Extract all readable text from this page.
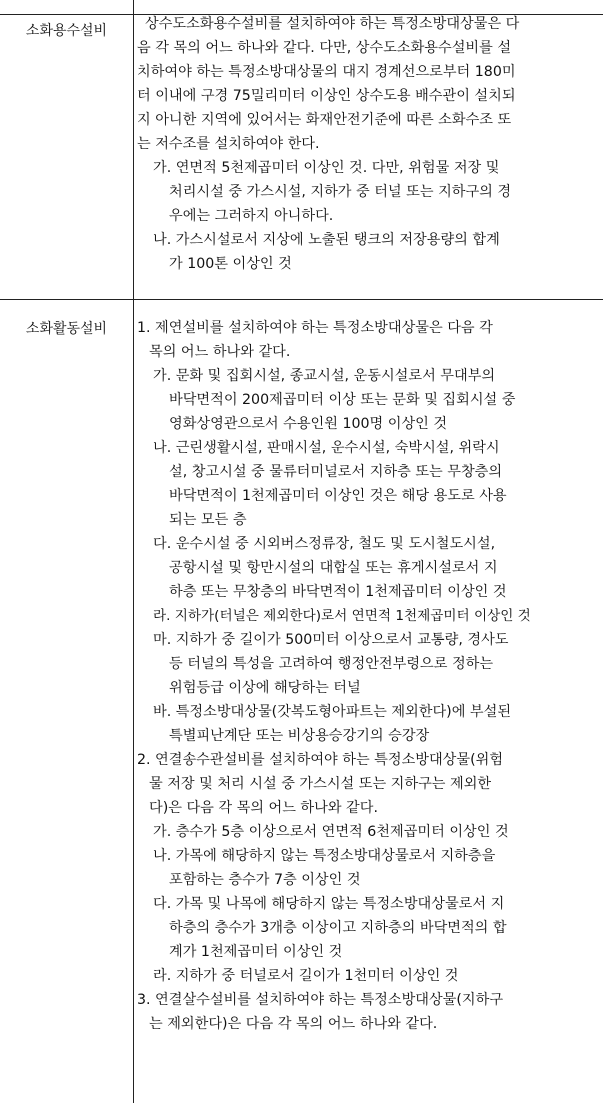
소화용수설비	상수도소화용수설비를 설치하여야 하는 특정소방대상물은 다
음 각 목의 어느 하나와 같다. 다만, 상수도소화용수설비를 설
치하여야 하는 특정소방대상물의 대지 경계선으로부터 180미
터 이내에 구경 75밀리미터 이상인 상수도용 배수관이 설치되
지 아니한 지역에 있어서는 화재안전기준에 따른 소화수조 또
는 저수조를 설치하여야 한다.
가. 연면적 5천제곱미터 이상인 것. 다만, 위험물 저장 및
처리시설 중 가스시설, 지하가 중 터널 또는 지하구의 경
우에는 그러하지 아니하다.
나. 가스시설로서 지상에 노출된 탱크의 저장용량의 합계
가 100톤 이상인 것
소화활동설비	1. 제연설비를 설치하여야 하는 특정소방대상물은 다음 각
목의 어느 하나와 같다.
가. 문화 및 집회시설, 종교시설, 운동시설로서 무대부의
바닥면적이 200제곱미터 이상 또는 문화 및 집회시설 중
영화상영관으로서 수용인원 100명 이상인 것
나. 근린생활시설, 판매시설, 운수시설, 숙박시설, 위락시
설, 창고시설 중 물류터미널로서 지하층 또는 무창층의
바닥면적이 1천제곱미터 이상인 것은 해당 용도로 사용
되는 모든 층
다. 운수시설 중 시외버스정류장, 철도 및 도시철도시설,
공항시설 및 항만시설의 대합실 또는 휴게시설로서 지
하층 또는 무창층의 바닥면적이 1천제곱미터 이상인 것
라. 지하가(터널은 제외한다)로서 연면적 1천제곱미터 이상인 것
마. 지하가 중 길이가 500미터 이상으로서 교통량, 경사도
등 터널의 특성을 고려하여 행정안전부령으로 정하는
위험등급 이상에 해당하는 터널
바. 특정소방대상물(갓복도형아파트는 제외한다)에 부설된
특별피난계단 또는 비상용승강기의 승강장
2. 연결송수관설비를 설치하여야 하는 특정소방대상물(위험
물 저장 및 처리 시설 중 가스시설 또는 지하구는 제외한
다)은 다음 각 목의 어느 하나와 같다.
가. 층수가 5층 이상으로서 연면적 6천제곱미터 이상인 것
나. 가목에 해당하지 않는 특정소방대상물로서 지하층을
포함하는 층수가 7층 이상인 것
다. 가목 및 나목에 해당하지 않는 특정소방대상물로서 지
하층의 층수가 3개층 이상이고 지하층의 바닥면적의 합
계가 1천제곱미터 이상인 것
라. 지하가 중 터널로서 길이가 1천미터 이상인 것
3. 연결살수설비를 설치하여야 하는 특정소방대상물(지하구
는 제외한다)은 다음 각 목의 어느 하나와 같다.
